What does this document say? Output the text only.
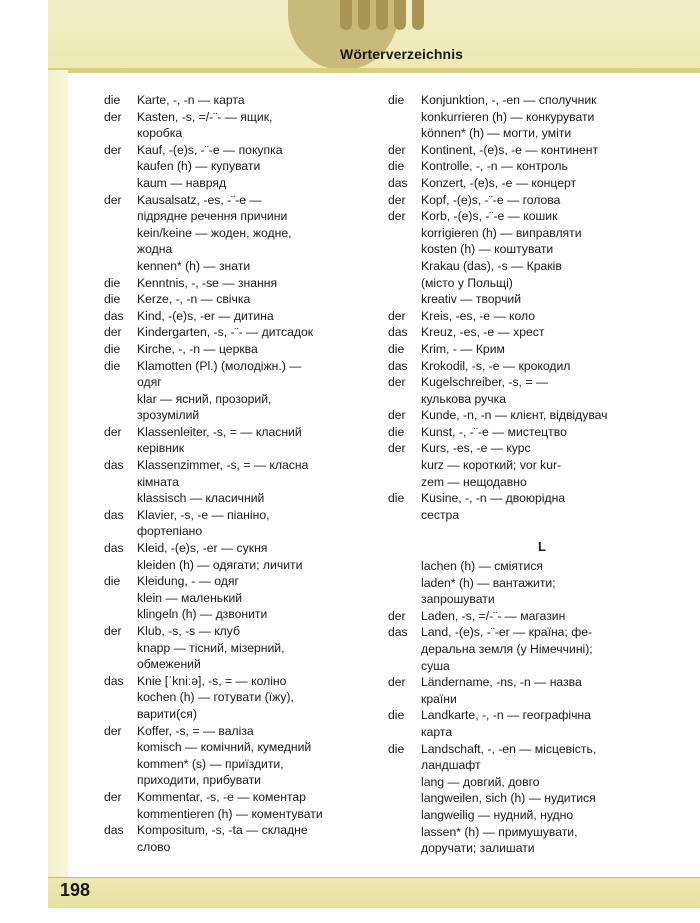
Wörterverzeichnis
die	Karte, -, -n — карта
der	Kasten, -s, =/-¨- — ящик,
коробка
der	Kauf, -(e)s, -¨-e — покупка
kaufen (h) — купувати
kaum — навряд
der	Kausalsatz, -es, -¨-e —
підрядне речення причини
kein/keine — жоден, жодне,
жодна
kennen* (h) — знати
die	Kenntnis, -, -se — знання
die	Kerze, -, -n — свічка
das	Kind, -(e)s, -er — дитина
der	Kindergarten, -s, -¨- — дитсадок
die	Kirche, -, -n — церква
die	Klamotten (Pl.) (молодіжн.) —
одяг
klar — ясний, прозорий,
зрозумілий
der	Klassenleiter, -s, = — класний
керівник
das	Klassenzimmer, -s, = — класна
кімната
klassisch — класичний
das	Klavier, -s, -e — піаніно,
фортепіано
das	Kleid, -(e)s, -er — сукня
kleiden (h) — одягати; личити
die	Kleidung, - — одяг
klein — маленький
klingeln (h) — дзвонити
der	Klub, -s, -s — клуб
knapp — тісний, мізерний,
обмежений
das	Knie [ˈkniːə], -s, = — коліно
kochen (h) — готувати (їжу),
варити(ся)
der	Koffer, -s, = — валіза
komisch — комічний, кумедний
kommen* (s) — приїздити,
приходити, прибувати
der	Kommentar, -s, -e — коментар
kommentieren (h) — коментувати
das	Kompositum, -s, -ta — складне
слово
die	Konjunktion, -, -en — сполучник
konkurrieren (h) — конкурувати
können* (h) — могти, уміти
der	Kontinent, -(e)s, -e — континент
die	Kontrolle, -, -n — контроль
das	Konzert, -(e)s, -e — концерт
der	Kopf, -(e)s, -¨-e — голова
der	Korb, -(e)s, -¨-e — кошик
korrigieren (h) — виправляти
kosten (h) — коштувати
Krakau (das), -s — Краків
(місто у Польщі)
kreativ — творчий
der	Kreis, -es, -e — коло
das	Kreuz, -es, -e — хрест
die	Krim, - — Крим
das	Krokodil, -s, -e — крокодил
der	Kugelschreiber, -s, = —
кулькова ручка
der	Kunde, -n, -n — клієнт, відвідувач
die	Kunst, -, -¨-e — мистецтво
der	Kurs, -es, -e — курс
kurz — короткий; vor kur-
zem — нещодавно
die	Kusine, -, -n — двоюрідна
сестра
L
lachen (h) — сміятися
laden* (h) — вантажити;
запрошувати
der	Laden, -s, =/-¨- — магазин
das	Land, -(e)s, -¨-er — країна; фе-
деральна земля (у Німеччині);
суша
der	Ländername, -ns, -n — назва
країни
die	Landkarte, -, -n — географічна
карта
die	Landschaft, -, -en — місцевість,
ландшафт
lang — довгий, довго
langweilen, sich (h) — нудитися
langweilig — нудний, нудно
lassen* (h) — примушувати,
доручати; залишати
198
